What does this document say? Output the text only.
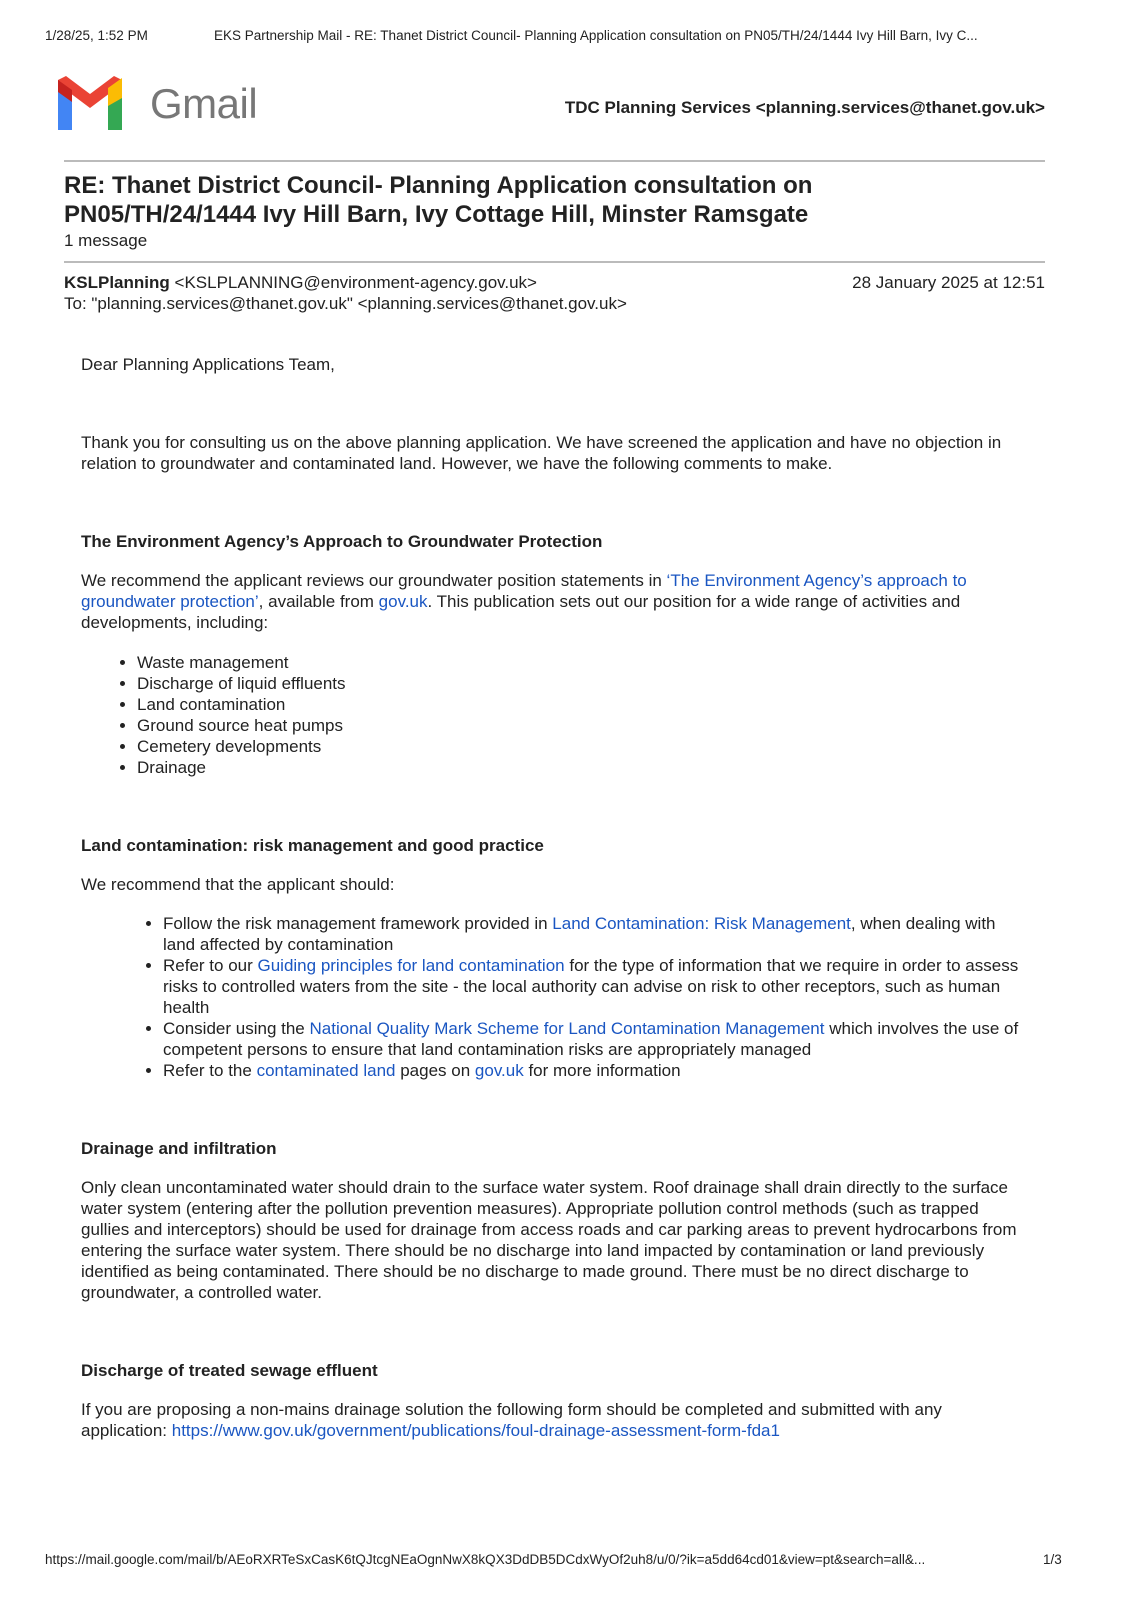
1/28/25, 1:52 PM	EKS Partnership Mail - RE: Thanet District Council- Planning Application consultation on PN05/TH/24/1444 Ivy Hill Barn, Ivy C...
Gmail	TDC Planning Services <planning.services@thanet.gov.uk>
RE: Thanet District Council- Planning Application consultation on
PN05/TH/24/1444 Ivy Hill Barn, Ivy Cottage Hill, Minster Ramsgate
1 message
KSLPlanning <KSLPLANNING@environment-agency.gov.uk>	28 January 2025 at 12:51
To: "planning.services@thanet.gov.uk" <planning.services@thanet.gov.uk>

Dear Planning Applications Team,

Thank you for consulting us on the above planning application. We have screened the application and have no objection in relation to groundwater and contaminated land. However, we have the following comments to make.

The Environment Agency’s Approach to Groundwater Protection

We recommend the applicant reviews our groundwater position statements in ‘The Environment Agency’s approach to groundwater protection’, available from gov.uk. This publication sets out our position for a wide range of activities and developments, including:

• Waste management
• Discharge of liquid effluents
• Land contamination
• Ground source heat pumps
• Cemetery developments
• Drainage
Land contamination: risk management and good practice

We recommend that the applicant should:

• Follow the risk management framework provided in Land Contamination: Risk Management, when dealing with land affected by contamination
• Refer to our Guiding principles for land contamination for the type of information that we require in order to assess risks to controlled waters from the site - the local authority can advise on risk to other receptors, such as human health
• Consider using the National Quality Mark Scheme for Land Contamination Management which involves the use of competent persons to ensure that land contamination risks are appropriately managed
• Refer to the contaminated land pages on gov.uk for more information
Drainage and infiltration

Only clean uncontaminated water should drain to the surface water system. Roof drainage shall drain directly to the surface water system (entering after the pollution prevention measures). Appropriate pollution control methods (such as trapped gullies and interceptors) should be used for drainage from access roads and car parking areas to prevent hydrocarbons from entering the surface water system. There should be no discharge into land impacted by contamination or land previously identified as being contaminated. There should be no discharge to made ground. There must be no direct discharge to groundwater, a controlled water.

Discharge of treated sewage effluent

If you are proposing a non-mains drainage solution the following form should be completed and submitted with any application: https://www.gov.uk/government/publications/foul-drainage-assessment-form-fda1

https://mail.google.com/mail/b/AEoRXRTeSxCasK6tQJtcgNEaOgnNwX8kQX3DdDB5DCdxWyOf2uh8/u/0/?ik=a5dd64cd01&view=pt&search=all&...	1/3
